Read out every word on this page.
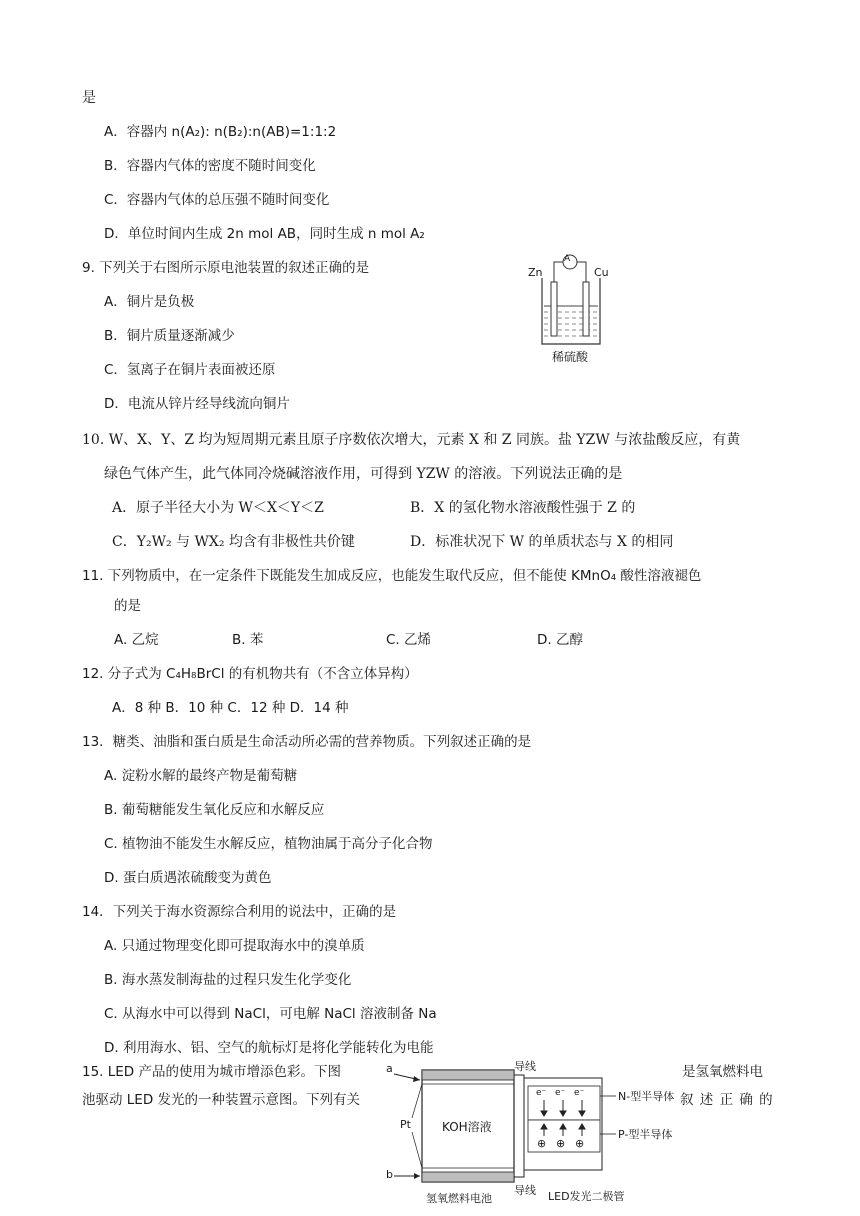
是
A．容器内 n(A₂): n(B₂):n(AB)=1:1:2
B．容器内气体的密度不随时间变化
C．容器内气体的总压强不随时间变化
D．单位时间内生成 2n mol AB，同时生成 n mol A₂
9. 下列关于右图所示原电池装置的叙述正确的是
A．铜片是负极
B．铜片质量逐渐减少
C．氢离子在铜片表面被还原
D．电流从锌片经导线流向铜片
A
Zn	Cu
稀硫酸
10. W、X、Y、Z 均为短周期元素且原子序数依次增大，元素 X 和 Z 同族。盐 YZW 与浓盐酸反应，有黄
绿色气体产生，此气体同冷烧碱溶液作用，可得到 YZW 的溶液。下列说法正确的是
A．原子半径大小为 W＜X＜Y＜Z	B．X 的氢化物水溶液酸性强于 Z 的
C．Y₂W₂ 与 WX₂ 均含有非极性共价键	D．标准状况下 W 的单质状态与 X 的相同
11. 下列物质中，在一定条件下既能发生加成反应，也能发生取代反应，但不能使 KMnO₄ 酸性溶液褪色
的是
A. 乙烷	B. 苯	C. 乙烯	D. 乙醇
12. 分子式为 C₄H₈BrCl 的有机物共有（不含立体异构）
A．8 种 B．10 种 C．12 种 D．14 种
13．糖类、油脂和蛋白质是生命活动所必需的营养物质。下列叙述正确的是
A. 淀粉水解的最终产物是葡萄糖
B. 葡萄糖能发生氧化反应和水解反应
C. 植物油不能发生水解反应，植物油属于高分子化合物
D. 蛋白质遇浓硫酸变为黄色
14．下列关于海水资源综合利用的说法中，正确的是
A. 只通过物理变化即可提取海水中的溴单质
B. 海水蒸发制海盐的过程只发生化学变化
C. 从海水中可以得到 NaCl，可电解 NaCl 溶液制备 Na
D. 利用海水、铝、空气的航标灯是将化学能转化为电能
15. LED 产品的使用为城市增添色彩。下图	是氢氧燃料电
池驱动 LED 发光的一种装置示意图。下列有关	叙 述 正 确 的
a
b
Pt	KOH溶液
导线
导线
e⁻ e⁻ e⁻
⊕ ⊕ ⊕
N-型半导体
P-型半导体
氢氧燃料电池	LED发光二极管
